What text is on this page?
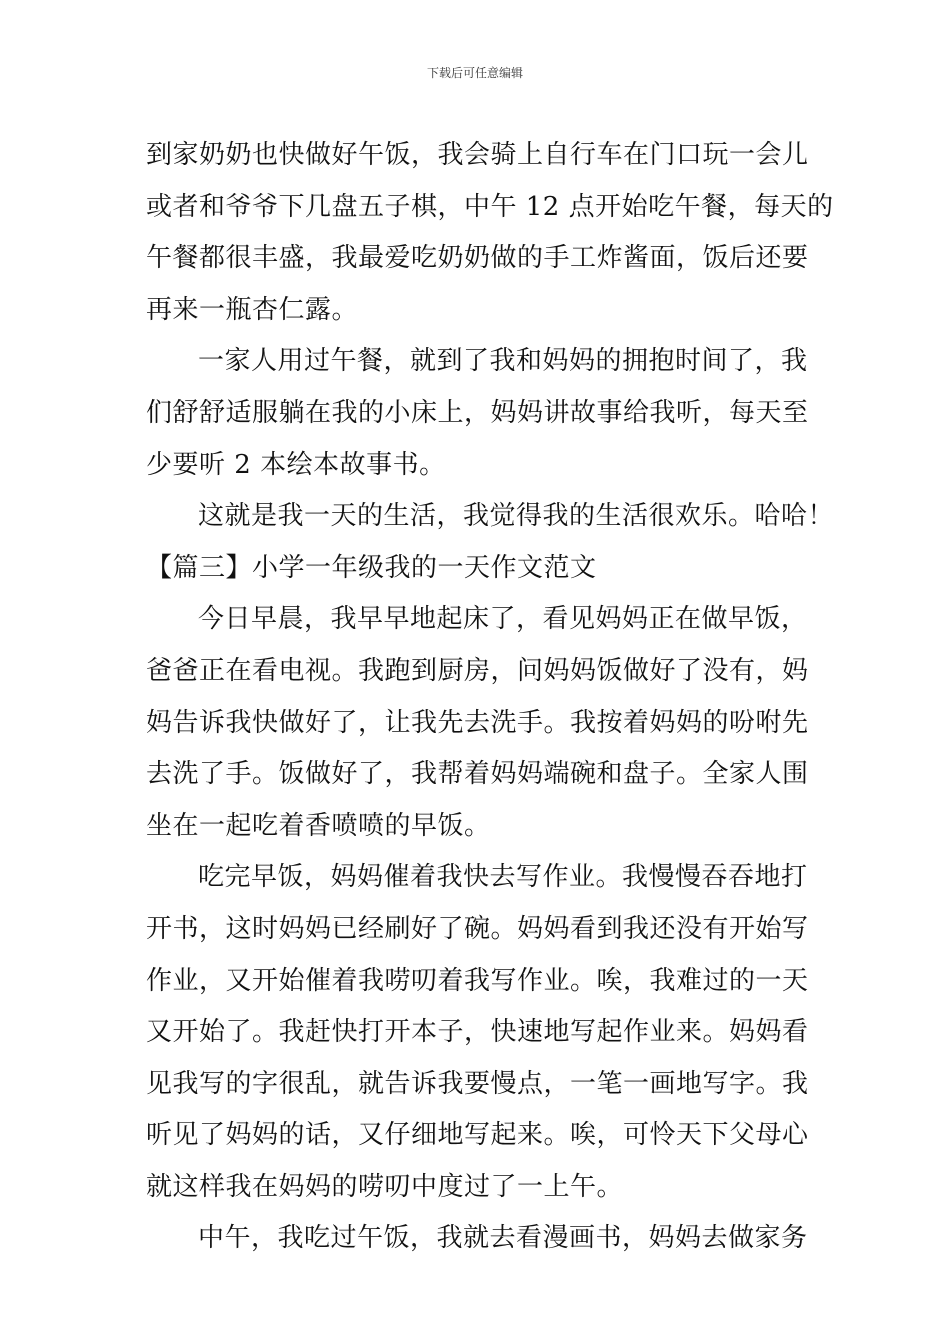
下载后可任意编辑
到家奶奶也快做好午饭，我会骑上自行车在门口玩一会儿
或者和爷爷下几盘五子棋，中午 12 点开始吃午餐，每天的
午餐都很丰盛，我最爱吃奶奶做的手工炸酱面，饭后还要
再来一瓶杏仁露。
一家人用过午餐，就到了我和妈妈的拥抱时间了，我
们舒舒适服躺在我的小床上，妈妈讲故事给我听，每天至
少要听 2 本绘本故事书。
这就是我一天的生活，我觉得我的生活很欢乐。哈哈！
【篇三】小学一年级我的一天作文范文
今日早晨，我早早地起床了，看见妈妈正在做早饭，
爸爸正在看电视。我跑到厨房，问妈妈饭做好了没有，妈
妈告诉我快做好了，让我先去洗手。我按着妈妈的吩咐先
去洗了手。饭做好了，我帮着妈妈端碗和盘子。全家人围
坐在一起吃着香喷喷的早饭。
吃完早饭，妈妈催着我快去写作业。我慢慢吞吞地打
开书，这时妈妈已经刷好了碗。妈妈看到我还没有开始写
作业，又开始催着我唠叨着我写作业。唉，我难过的一天
又开始了。我赶快打开本子，快速地写起作业来。妈妈看
见我写的字很乱，就告诉我要慢点，一笔一画地写字。我
听见了妈妈的话，又仔细地写起来。唉，可怜天下父母心
就这样我在妈妈的唠叨中度过了一上午。
中午，我吃过午饭，我就去看漫画书，妈妈去做家务
